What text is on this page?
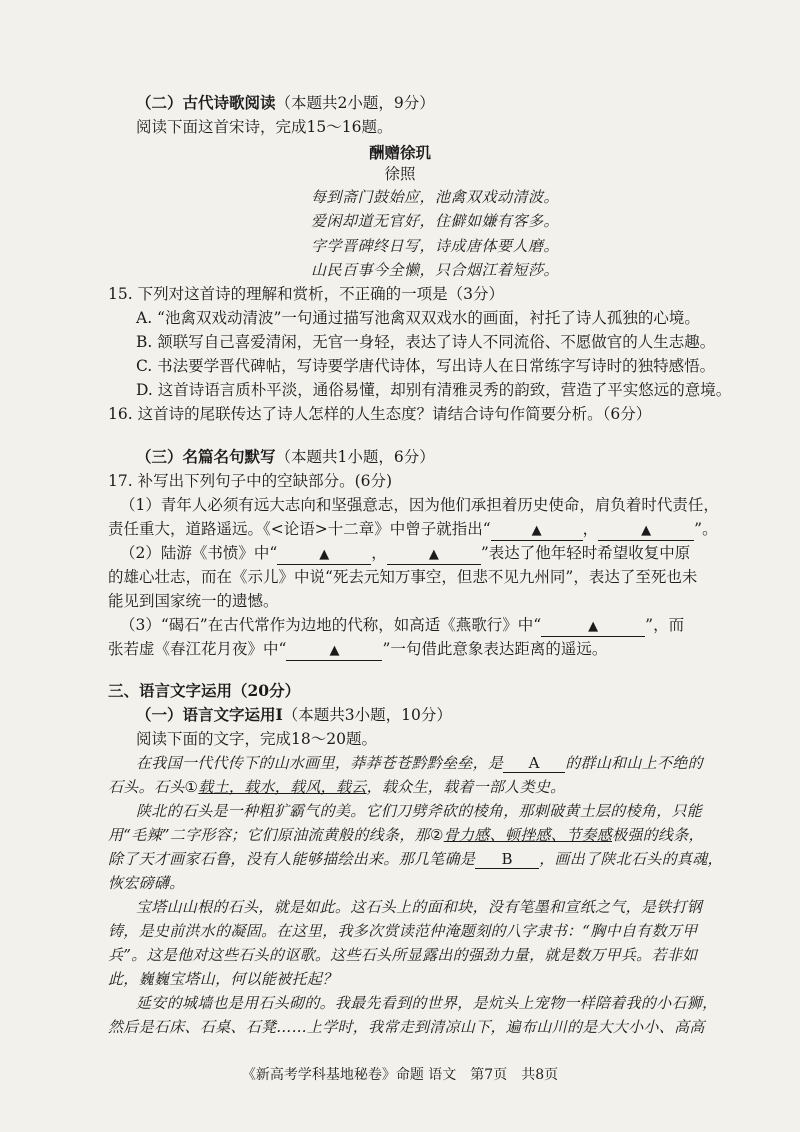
（二）古代诗歌阅读（本题共2小题，9分）
阅读下面这首宋诗，完成15～16题。
酬赠徐玑
徐照
每到斋门鼓始应，池禽双戏动清波。
爱闲却道无官好，住僻如嫌有客多。
字学晋碑终日写，诗成唐体要人磨。
山民百事今全懒，只合烟江着短莎。
15. 下列对这首诗的理解和赏析，不正确的一项是（3分）
A. “池禽双戏动清波”一句通过描写池禽双双戏水的画面，衬托了诗人孤独的心境。
B. 颔联写自己喜爱清闲，无官一身轻，表达了诗人不同流俗、不愿做官的人生志趣。
C. 书法要学晋代碑帖，写诗要学唐代诗体，写出诗人在日常练字写诗时的独特感悟。
D. 这首诗语言质朴平淡，通俗易懂，却别有清雅灵秀的韵致，营造了平实悠远的意境。
16. 这首诗的尾联传达了诗人怎样的人生态度？请结合诗句作简要分析。（6分）
（三）名篇名句默写（本题共1小题，6分）
17. 补写出下列句子中的空缺部分。(6分)
（1）青年人必须有远大志向和坚强意志，因为他们承担着历史使命，肩负着时代责任，
责任重大，道路遥远。《<论语>十二章》中曾子就指出“	▲	，	▲	”。
（2）陆游《书愤》中“	▲	，	▲	”表达了他年轻时希望收复中原
的雄心壮志，而在《示儿》中说“死去元知万事空，但悲不见九州同”，表达了至死也未
能见到国家统一的遗憾。
（3）“碣石”在古代常作为边地的代称，如高适《燕歌行》中“	▲	”，而
张若虚《春江花月夜》中“	▲	”一句借此意象表达距离的遥远。
三、语言文字运用（20分）
（一）语言文字运用Ⅰ（本题共3小题，10分）
阅读下面的文字，完成18～20题。
在我国一代代传下的山水画里，莽莽苍苍黔黔垒垒，是 A 的群山和山上不绝的
石头。石头①载土，载水，载风，载云，载众生，载着一部人类史。
陕北的石头是一种粗犷霸气的美。它们刀劈斧砍的棱角，那刺破黄土层的棱角，只能
用“毛辣”二字形容；它们原油流黄般的线条，那②骨力感、顿挫感、节奏感极强的线条，
除了天才画家石鲁，没有人能够描绘出来。那几笔确是 B ，画出了陕北石头的真魂，
恢宏磅礴。
宝塔山山根的石头，就是如此。这石头上的面和块，没有笔墨和宣纸之气，是铁打钢
铸，是史前洪水的凝固。在这里，我多次赏读范仲淹题刻的八字隶书：“胸中自有数万甲
兵”。这是他对这些石头的讴歌。这些石头所显露出的强劲力量，就是数万甲兵。若非如
此，巍巍宝塔山，何以能被托起？
延安的城墙也是用石头砌的。我最先看到的世界，是炕头上宠物一样陪着我的小石狮，
然后是石床、石桌、石凳……上学时，我常走到清凉山下，遍布山川的是大大小小、高高
《新高考学科基地秘卷》命题 语文　第7页　共8页
